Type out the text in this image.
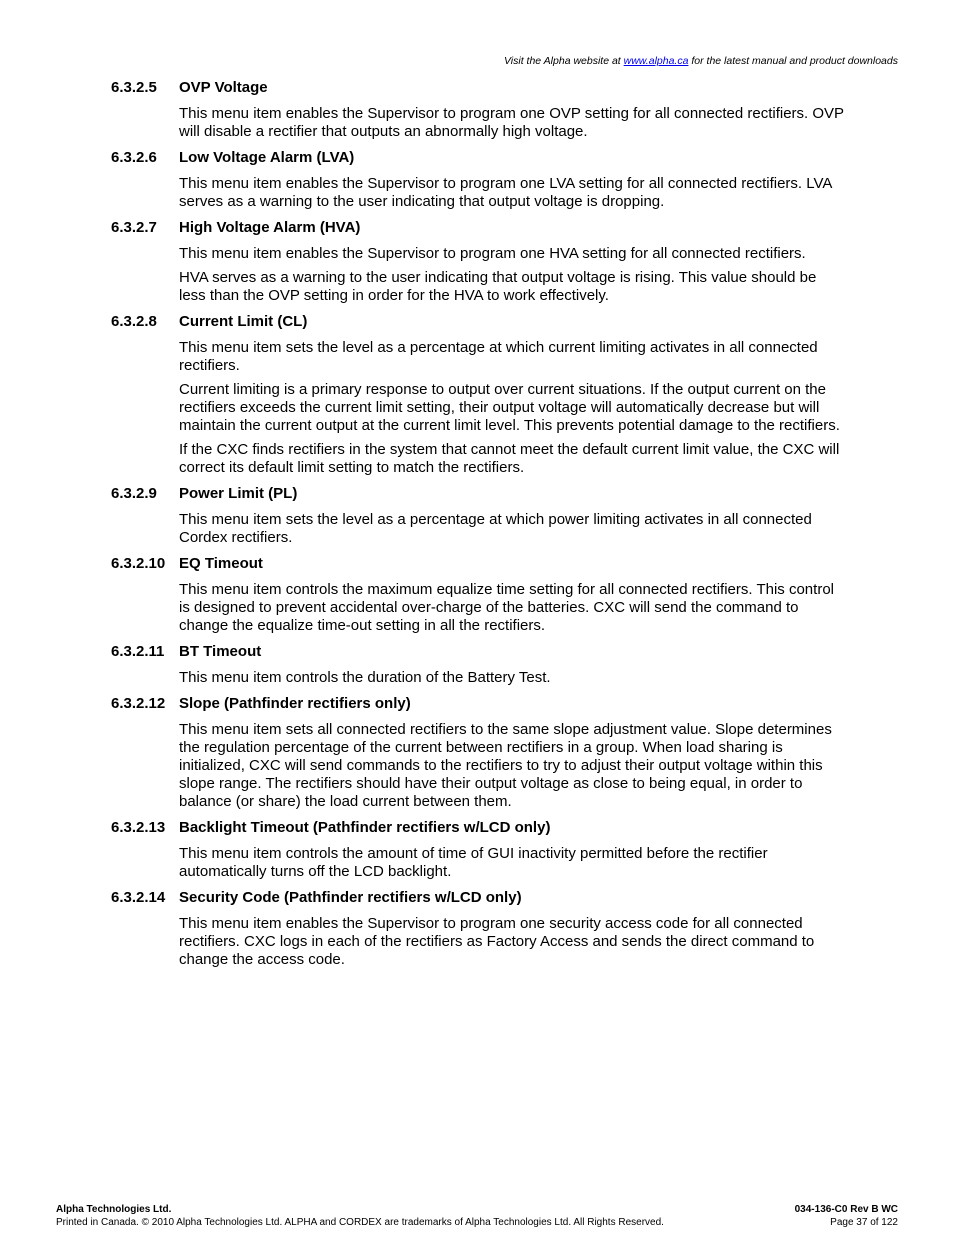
Visit the Alpha website at www.alpha.ca for the latest manual and product downloads
6.3.2.5	OVP Voltage

This menu item enables the Supervisor to program one OVP setting for all connected rectifiers. OVP will disable a rectifier that outputs an abnormally high voltage.

6.3.2.6	Low Voltage Alarm (LVA)

This menu item enables the Supervisor to program one LVA setting for all connected rectifiers. LVA serves as a warning to the user indicating that output voltage is dropping.

6.3.2.7	High Voltage Alarm (HVA)

This menu item enables the Supervisor to program one HVA setting for all connected rectifiers.

HVA serves as a warning to the user indicating that output voltage is rising. This value should be less than the OVP setting in order for the HVA to work effectively.

6.3.2.8	Current Limit (CL)

This menu item sets the level as a percentage at which current limiting activates in all connected rectifiers.

Current limiting is a primary response to output over current situations. If the output current on the rectifiers exceeds the current limit setting, their output voltage will automatically decrease but will maintain the current output at the current limit level. This prevents potential damage to the rectifiers.

If the CXC finds rectifiers in the system that cannot meet the default current limit value, the CXC will correct its default limit setting to match the rectifiers.

6.3.2.9	Power Limit (PL)

This menu item sets the level as a percentage at which power limiting activates in all connected Cordex rectifiers.

6.3.2.10 EQ Timeout

This menu item controls the maximum equalize time setting for all connected rectifiers. This control is designed to prevent accidental over-charge of the batteries. CXC will send the command to change the equalize time-out setting in all the rectifiers.

6.3.2.11 BT Timeout

This menu item controls the duration of the Battery Test.

6.3.2.12 Slope (Pathfinder rectifiers only)

This menu item sets all connected rectifiers to the same slope adjustment value. Slope determines the regulation percentage of the current between rectifiers in a group. When load sharing is initialized, CXC will send commands to the rectifiers to try to adjust their output voltage within this slope range. The rectifiers should have their output voltage as close to being equal, in order to balance (or share) the load current between them.

6.3.2.13 Backlight Timeout (Pathfinder rectifiers w/LCD only)

This menu item controls the amount of time of GUI inactivity permitted before the rectifier automatically turns off the LCD backlight.

6.3.2.14 Security Code (Pathfinder rectifiers w/LCD only)

This menu item enables the Supervisor to program one security access code for all connected rectifiers. CXC logs in each of the rectifiers as Factory Access and sends the direct command to change the access code.

Alpha Technologies Ltd.
Printed in Canada. © 2010 Alpha Technologies Ltd. ALPHA and CORDEX are trademarks of Alpha Technologies Ltd. All Rights Reserved.
034-136-C0 Rev B WC
Page 37 of 122
